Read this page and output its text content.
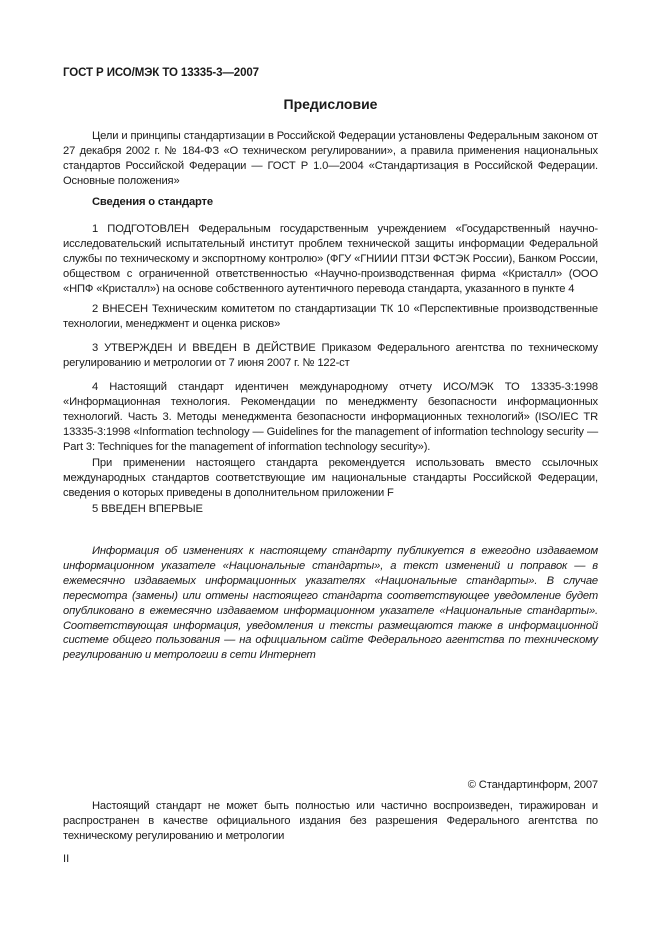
ГОСТ Р ИСО/МЭК ТО 13335-3—2007
Предисловие
Цели и принципы стандартизации в Российской Федерации установлены Федеральным законом от 27 декабря 2002 г. № 184-ФЗ «О техническом регулировании», а правила применения национальных стандартов Российской Федерации — ГОСТ Р 1.0—2004 «Стандартизация в Российской Федерации. Основные положения»
Сведения о стандарте
1 ПОДГОТОВЛЕН Федеральным государственным учреждением «Государственный научно-исследовательский испытательный институт проблем технической защиты информации Федеральной службы по техническому и экспортному контролю» (ФГУ «ГНИИИ ПТЗИ ФСТЭК России), Банком России, обществом с ограниченной ответственностью «Научно-производственная фирма «Кристалл» (ООО «НПФ «Кристалл») на основе собственного аутентичного перевода стандарта, указанного в пункте 4
2 ВНЕСЕН Техническим комитетом по стандартизации ТК 10 «Перспективные производственные технологии, менеджмент и оценка рисков»
3 УТВЕРЖДЕН И ВВЕДЕН В ДЕЙСТВИЕ Приказом Федерального агентства по техническому регулированию и метрологии от 7 июня 2007 г. № 122-ст
4 Настоящий стандарт идентичен международному отчету ИСО/МЭК ТО 13335-3:1998 «Информационная технология. Рекомендации по менеджменту безопасности информационных технологий. Часть 3. Методы менеджмента безопасности информационных технологий» (ISO/IEC TR 13335-3:1998 «Information technology — Guidelines for the management of information technology security — Part 3: Techniques for the management of information technology security»).
При применении настоящего стандарта рекомендуется использовать вместо ссылочных международных стандартов соответствующие им национальные стандарты Российской Федерации, сведения о которых приведены в дополнительном приложении F
5 ВВЕДЕН ВПЕРВЫЕ
Информация об изменениях к настоящему стандарту публикуется в ежегодно издаваемом информационном указателе «Национальные стандарты», а текст изменений и поправок — в ежемесячно издаваемых информационных указателях «Национальные стандарты». В случае пересмотра (замены) или отмены настоящего стандарта соответствующее уведомление будет опубликовано в ежемесячно издаваемом информационном указателе «Национальные стандарты». Соответствующая информация, уведомления и тексты размещаются также в информационной системе общего пользования — на официальном сайте Федерального агентства по техническому регулированию и метрологии в сети Интернет
© Стандартинформ, 2007
Настоящий стандарт не может быть полностью или частично воспроизведен, тиражирован и распространен в качестве официального издания без разрешения Федерального агентства по техническому регулированию и метрологии
II
